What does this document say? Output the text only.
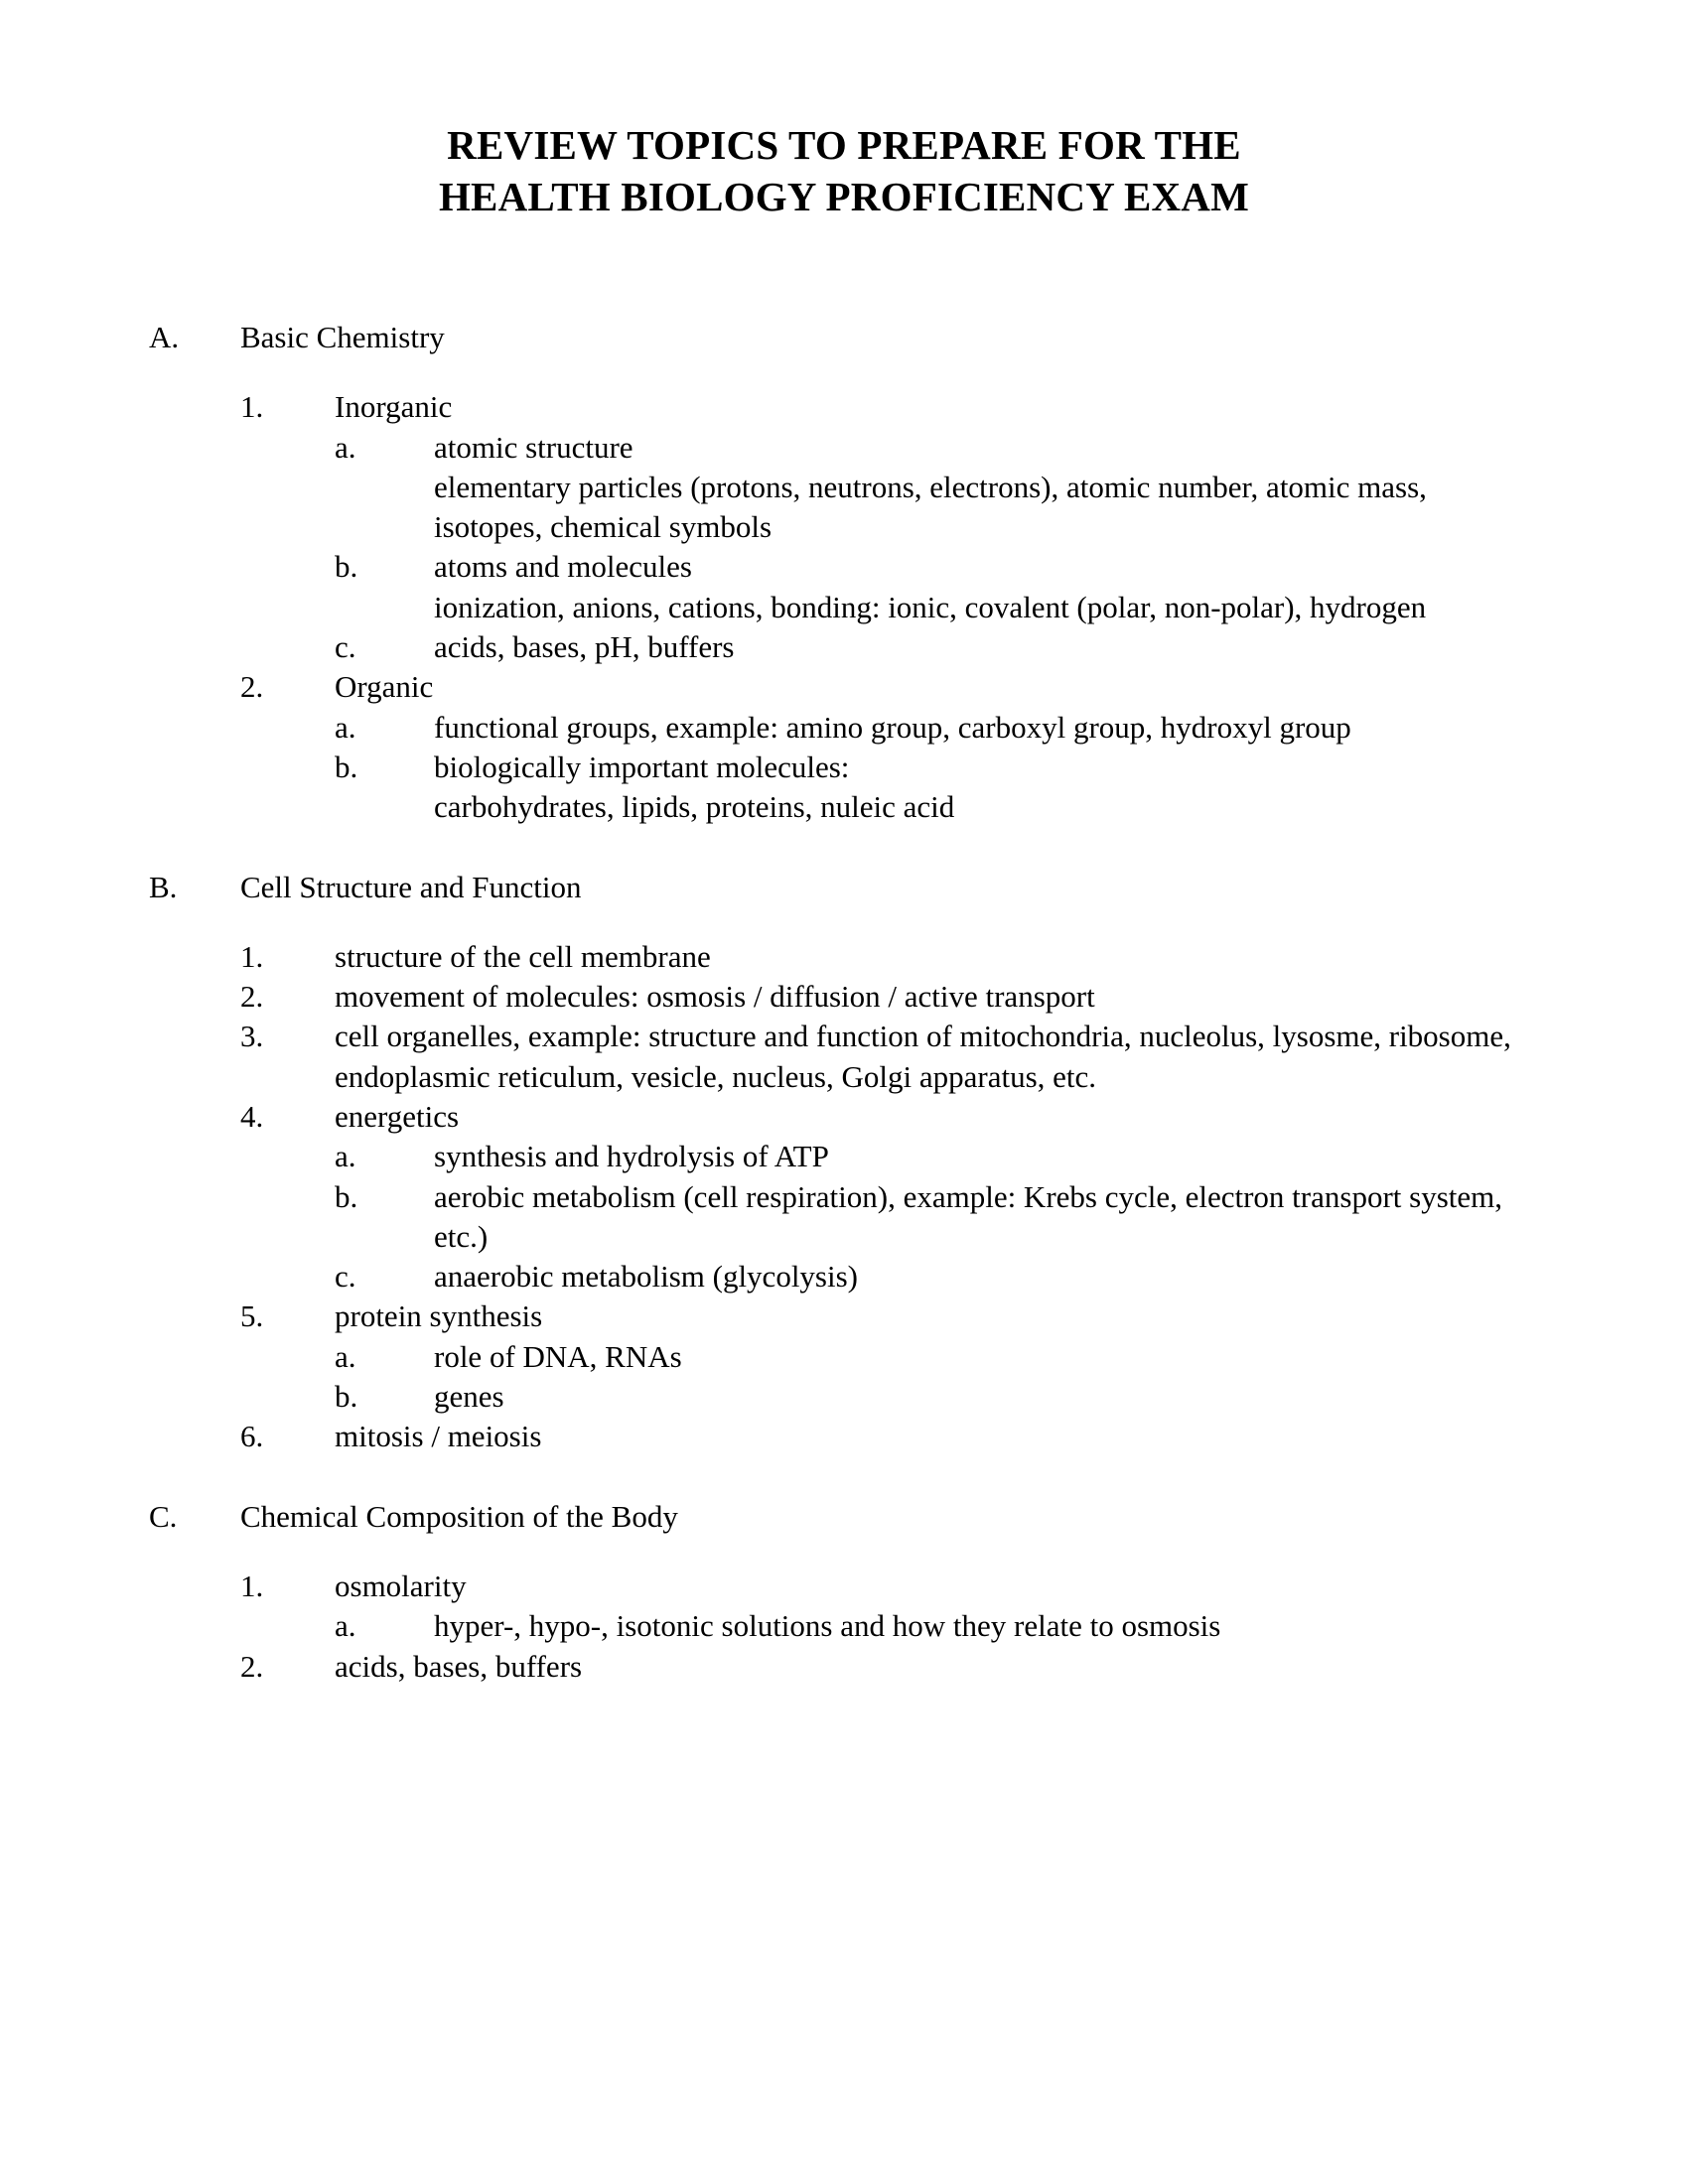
REVIEW TOPICS TO PREPARE FOR THE
HEALTH BIOLOGY PROFICIENCY EXAM
A.	Basic Chemistry
1.	Inorganic
a.	atomic structure
elementary particles (protons, neutrons, electrons), atomic number, atomic mass, isotopes, chemical symbols
b.	atoms and molecules
ionization, anions, cations, bonding: ionic, covalent (polar, non-polar), hydrogen
c.	acids, bases, pH, buffers
2.	Organic
a.	functional groups, example: amino group, carboxyl group, hydroxyl group
b.	biologically important molecules:
carbohydrates, lipids, proteins, nuleic acid
B.	Cell Structure and Function
1.	structure of the cell membrane
2.	movement of molecules: osmosis / diffusion / active transport
3.	cell organelles, example: structure and function of mitochondria, nucleolus, lysosme, ribosome, endoplasmic reticulum, vesicle, nucleus, Golgi apparatus, etc.
4.	energetics
a.	synthesis and hydrolysis of ATP
b.	aerobic metabolism (cell respiration), example: Krebs cycle, electron transport system, etc.)
c.	anaerobic metabolism (glycolysis)
5.	protein synthesis
a.	role of DNA, RNAs
b.	genes
6.	mitosis / meiosis
C.	Chemical Composition of the Body
1.	osmolarity
a.	hyper-, hypo-, isotonic solutions and how they relate to osmosis
2.	acids, bases, buffers
